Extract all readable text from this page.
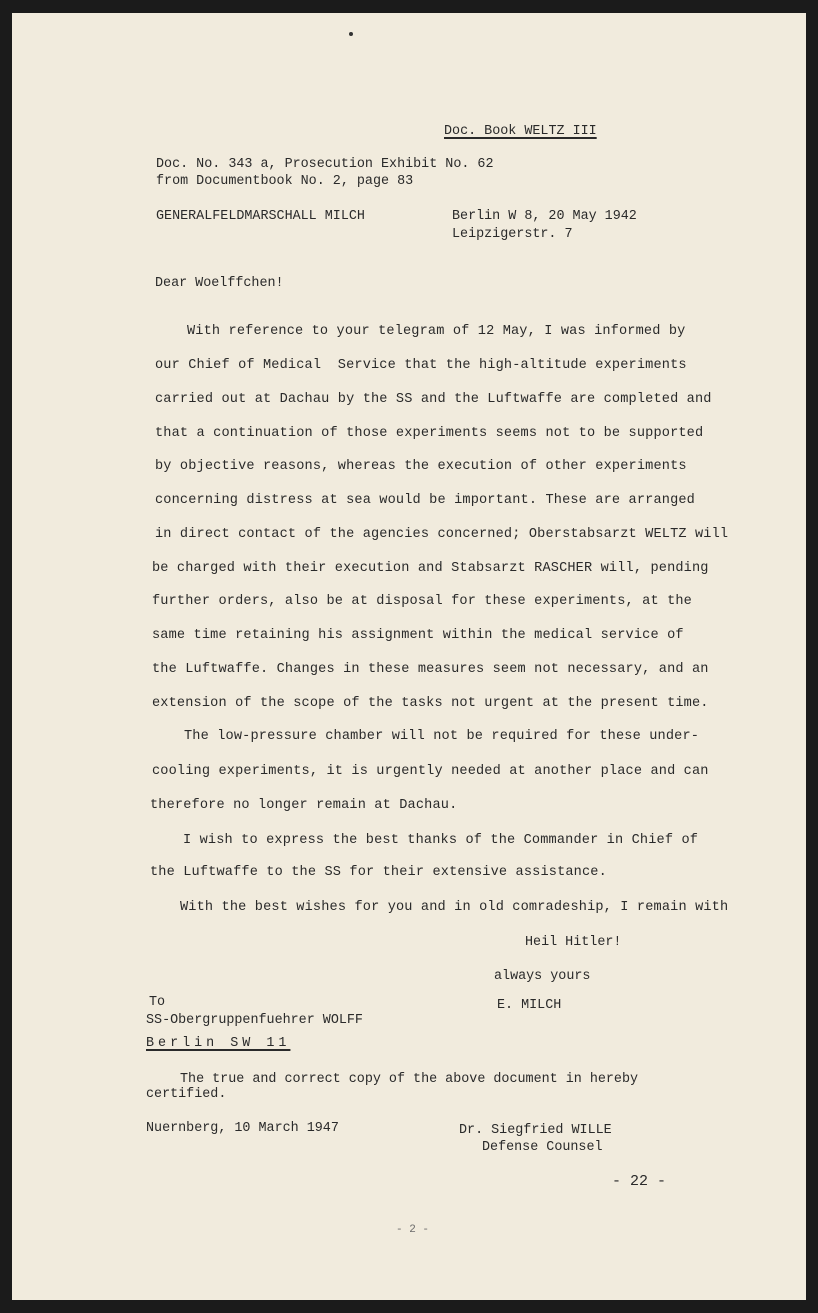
Doc. Book WELTZ III
Doc. No. 343 a, Prosecution Exhibit No. 62
from Documentbook No. 2, page 83
GENERALFELDMARSCHALL MILCH	Berlin W 8, 20 May 1942
Leipzigerstr. 7
Dear Woelffchen!
With reference to your telegram of 12 May, I was informed by
our Chief of Medical  Service that the high-altitude experiments
carried out at Dachau by the SS and the Luftwaffe are completed and
that a continuation of those experiments seems not to be supported
by objective reasons, whereas the execution of other experiments
concerning distress at sea would be important. These are arranged
in direct contact of the agencies concerned; Oberstabsarzt WELTZ will
be charged with their execution and Stabsarzt RASCHER will, pending
further orders, also be at disposal for these experiments, at the
same time retaining his assignment within the medical service of
the Luftwaffe. Changes in these measures seem not necessary, and an
extension of the scope of the tasks not urgent at the present time.
The low-pressure chamber will not be required for these under-
cooling experiments, it is urgently needed at another place and can
therefore no longer remain at Dachau.
I wish to express the best thanks of the Commander in Chief of
the Luftwaffe to the SS for their extensive assistance.
With the best wishes for you and in old comradeship, I remain with
Heil Hitler!
always yours
E. MILCH
To
SS-Obergruppenfuehrer WOLFF
Berlin SW 11
The true and correct copy of the above document in hereby
certified.
Nuernberg, 10 March 1947	Dr. Siegfried WILLE
Defense Counsel
- 22 -
- 2 -
